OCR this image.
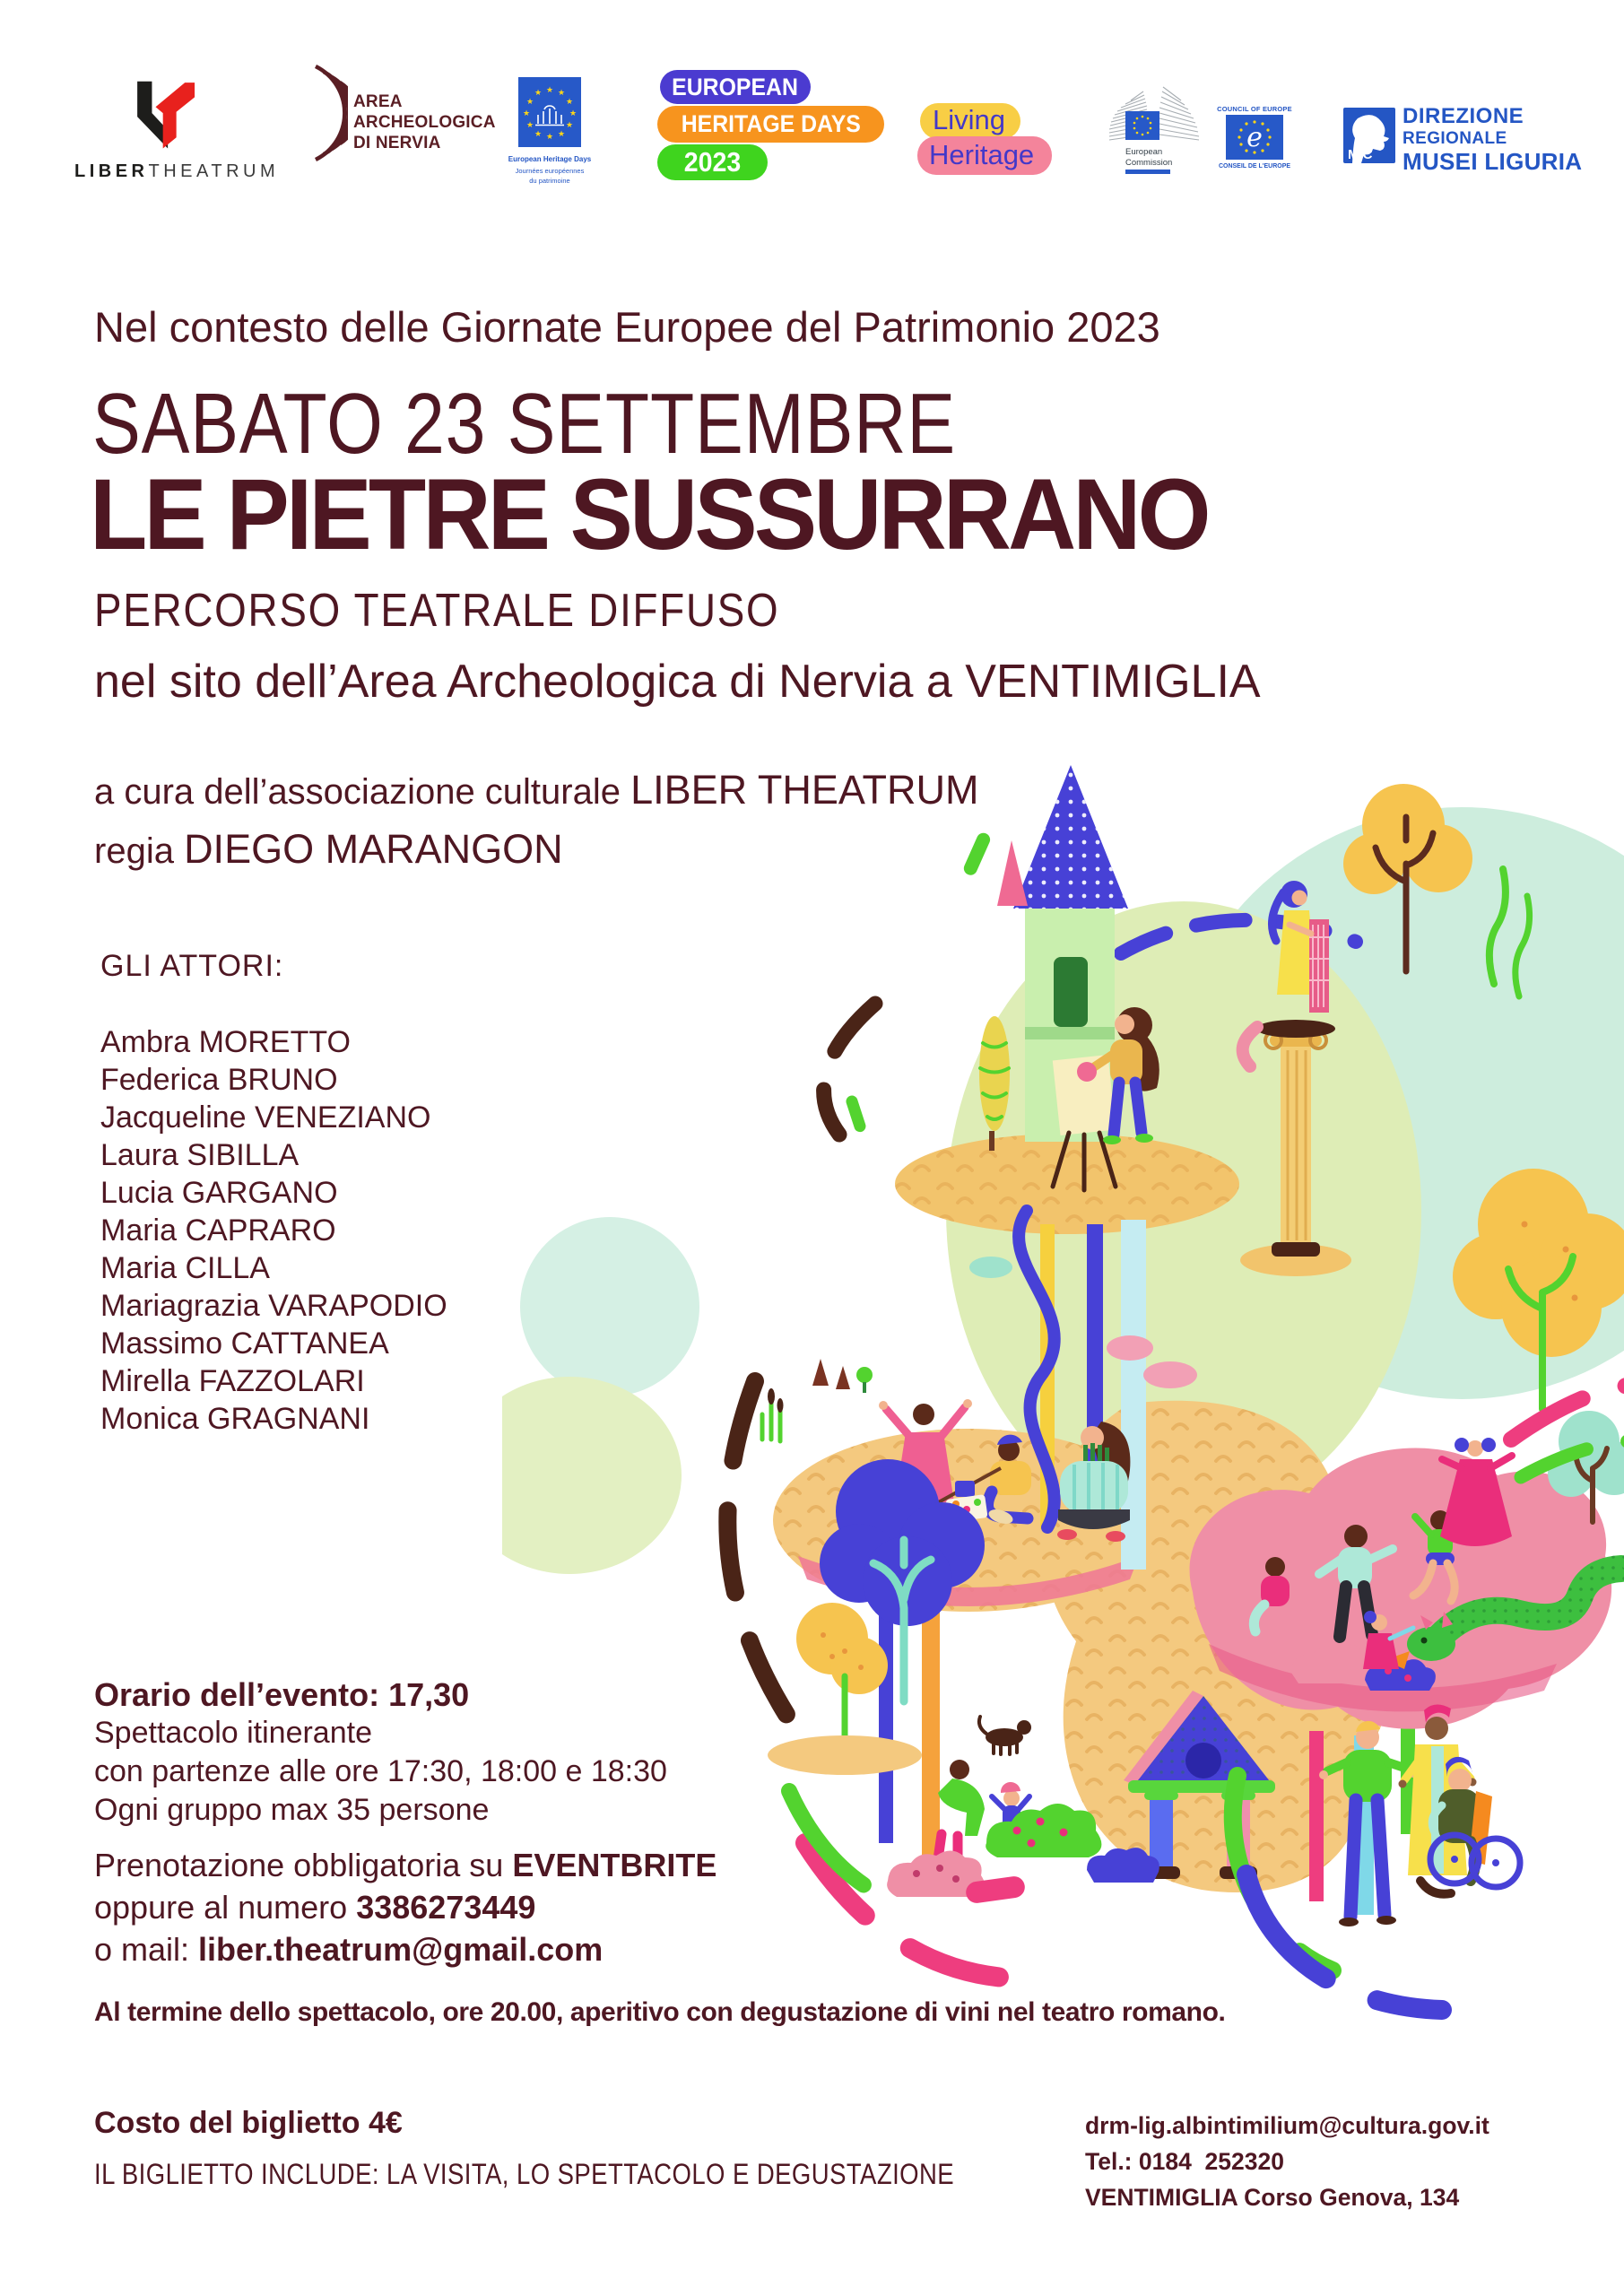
LIBERTHEATRUM
AREA
ARCHEOLOGICA
DI NERVIA
★ ★
★
★
★
★
★
★
★
★
★
★
European Heritage Days
Journées européennes
du patrimoine
EUROPEAN
HERITAGE DAYS
2023
Living
Heritage	European
Commission
COUNCIL OF EUROPE
e
CONSEIL DE L'EUROPE
MiC
DIREZIONE
REGIONALE
MUSEI LIGURIA
Nel contesto delle Giornate Europee del Patrimonio 2023
SABATO 23 SETTEMBRE
LE PIETRE SUSSURRANO
PERCORSO TEATRALE DIFFUSO
nel sito dell’Area Archeologica di Nervia a VENTIMIGLIA
a cura dell’associazione culturale LIBER THEATRUM
regia DIEGO MARANGON
GLI ATTORI:
Ambra MORETTO
Federica BRUNO
Jacqueline VENEZIANO
Laura SIBILLA
Lucia GARGANO
Maria CAPRARO
Maria CILLA
Mariagrazia VARAPODIO
Massimo CATTANEA
Mirella FAZZOLARI
Monica GRAGNANI
Orario dell’evento: 17,30
Spettacolo itinerante
con partenze alle ore 17:30, 18:00 e 18:30
Ogni gruppo max 35 persone
Prenotazione obbligatoria su EVENTBRITE
oppure al numero 3386273449
o mail: liber.theatrum@gmail.com
Al termine dello spettacolo, ore 20.00, aperitivo con degustazione di vini nel teatro romano.
Costo del biglietto 4€
IL BIGLIETTO INCLUDE: LA VISITA, LO SPETTACOLO E DEGUSTAZIONE
drm-lig.albintimilium@cultura.gov.it
Tel.: 0184  252320
VENTIMIGLIA Corso Genova, 134
